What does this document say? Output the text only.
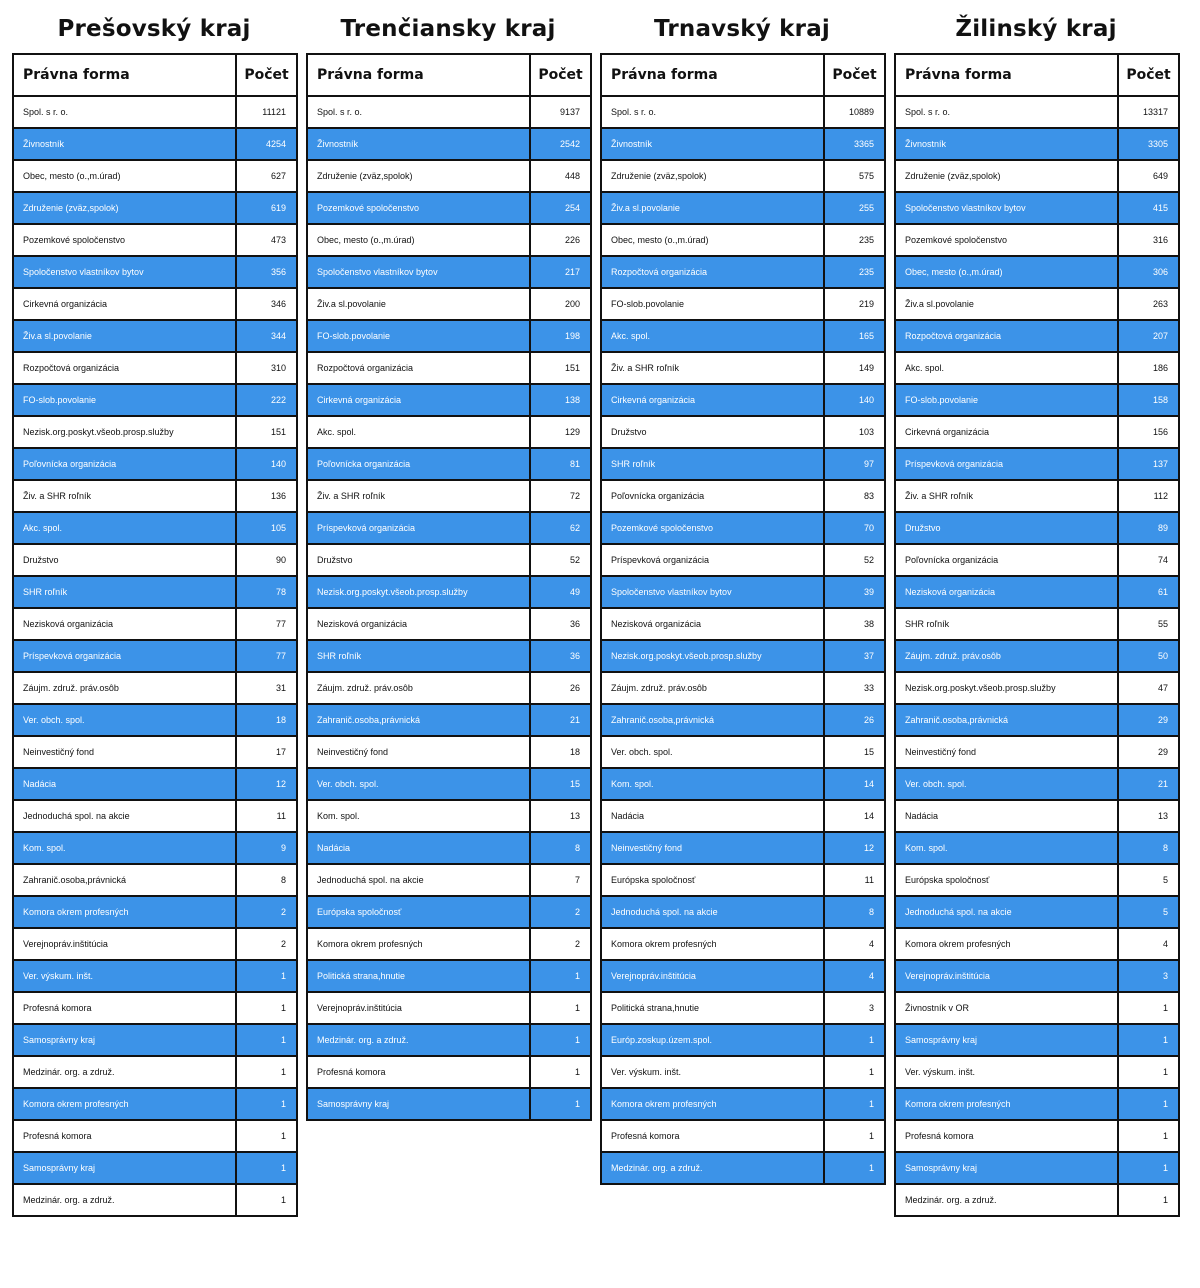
Prešovský kraj
Právna forma	Počet
Spol. s r. o.	11121
Živnostník	4254
Obec, mesto (o.,m.úrad)	627
Združenie (zväz,spolok)	619
Pozemkové spoločenstvo	473
Spoločenstvo vlastníkov bytov	356
Cirkevná organizácia	346
Živ.a sl.povolanie	344
Rozpočtová organizácia	310
FO-slob.povolanie	222
Nezisk.org.poskyt.všeob.prosp.služby	151
Poľovnícka organizácia	140
Živ. a SHR roľník	136
Akc. spol.	105
Družstvo	90
SHR roľník	78
Nezisková organizácia	77
Príspevková organizácia	77
Záujm. združ. práv.osôb	31
Ver. obch. spol.	18
Neinvestičný fond	17
Nadácia	12
Jednoduchá spol. na akcie	11
Kom. spol.	9
Zahranič.osoba,právnická	8
Komora okrem profesných	2
Verejnopráv.inštitúcia	2
Ver. výskum. inšt.	1
Profesná komora	1
Samosprávny kraj	1
Medzinár. org. a združ.	1
Komora okrem profesných	1
Profesná komora	1
Samosprávny kraj	1
Medzinár. org. a združ.	1
Trenčiansky kraj
Právna forma	Počet
Spol. s r. o.	9137
Živnostník	2542
Združenie (zväz,spolok)	448
Pozemkové spoločenstvo	254
Obec, mesto (o.,m.úrad)	226
Spoločenstvo vlastníkov bytov	217
Živ.a sl.povolanie	200
FO-slob.povolanie	198
Rozpočtová organizácia	151
Cirkevná organizácia	138
Akc. spol.	129
Poľovnícka organizácia	81
Živ. a SHR roľník	72
Príspevková organizácia	62
Družstvo	52
Nezisk.org.poskyt.všeob.prosp.služby	49
Nezisková organizácia	36
SHR roľník	36
Záujm. združ. práv.osôb	26
Zahranič.osoba,právnická	21
Neinvestičný fond	18
Ver. obch. spol.	15
Kom. spol.	13
Nadácia	8
Jednoduchá spol. na akcie	7
Európska spoločnosť	2
Komora okrem profesných	2
Politická strana,hnutie	1
Verejnopráv.inštitúcia	1
Medzinár. org. a združ.	1
Profesná komora	1
Samosprávny kraj	1
Trnavský kraj
Právna forma	Počet
Spol. s r. o.	10889
Živnostník	3365
Združenie (zväz,spolok)	575
Živ.a sl.povolanie	255
Obec, mesto (o.,m.úrad)	235
Rozpočtová organizácia	235
FO-slob.povolanie	219
Akc. spol.	165
Živ. a SHR roľník	149
Cirkevná organizácia	140
Družstvo	103
SHR roľník	97
Poľovnícka organizácia	83
Pozemkové spoločenstvo	70
Príspevková organizácia	52
Spoločenstvo vlastníkov bytov	39
Nezisková organizácia	38
Nezisk.org.poskyt.všeob.prosp.služby	37
Záujm. združ. práv.osôb	33
Zahranič.osoba,právnická	26
Ver. obch. spol.	15
Kom. spol.	14
Nadácia	14
Neinvestičný fond	12
Európska spoločnosť	11
Jednoduchá spol. na akcie	8
Komora okrem profesných	4
Verejnopráv.inštitúcia	4
Politická strana,hnutie	3
Európ.zoskup.územ.spol.	1
Ver. výskum. inšt.	1
Komora okrem profesných	1
Profesná komora	1
Medzinár. org. a združ.	1
Žilinský kraj
Právna forma	Počet
Spol. s r. o.	13317
Živnostník	3305
Združenie (zväz,spolok)	649
Spoločenstvo vlastníkov bytov	415
Pozemkové spoločenstvo	316
Obec, mesto (o.,m.úrad)	306
Živ.a sl.povolanie	263
Rozpočtová organizácia	207
Akc. spol.	186
FO-slob.povolanie	158
Cirkevná organizácia	156
Príspevková organizácia	137
Živ. a SHR roľník	112
Družstvo	89
Poľovnícka organizácia	74
Nezisková organizácia	61
SHR roľník	55
Záujm. združ. práv.osôb	50
Nezisk.org.poskyt.všeob.prosp.služby	47
Zahranič.osoba,právnická	29
Neinvestičný fond	29
Ver. obch. spol.	21
Nadácia	13
Kom. spol.	8
Európska spoločnosť	5
Jednoduchá spol. na akcie	5
Komora okrem profesných	4
Verejnopráv.inštitúcia	3
Živnostník v OR	1
Samosprávny kraj	1
Ver. výskum. inšt.	1
Komora okrem profesných	1
Profesná komora	1
Samosprávny kraj	1
Medzinár. org. a združ.	1
